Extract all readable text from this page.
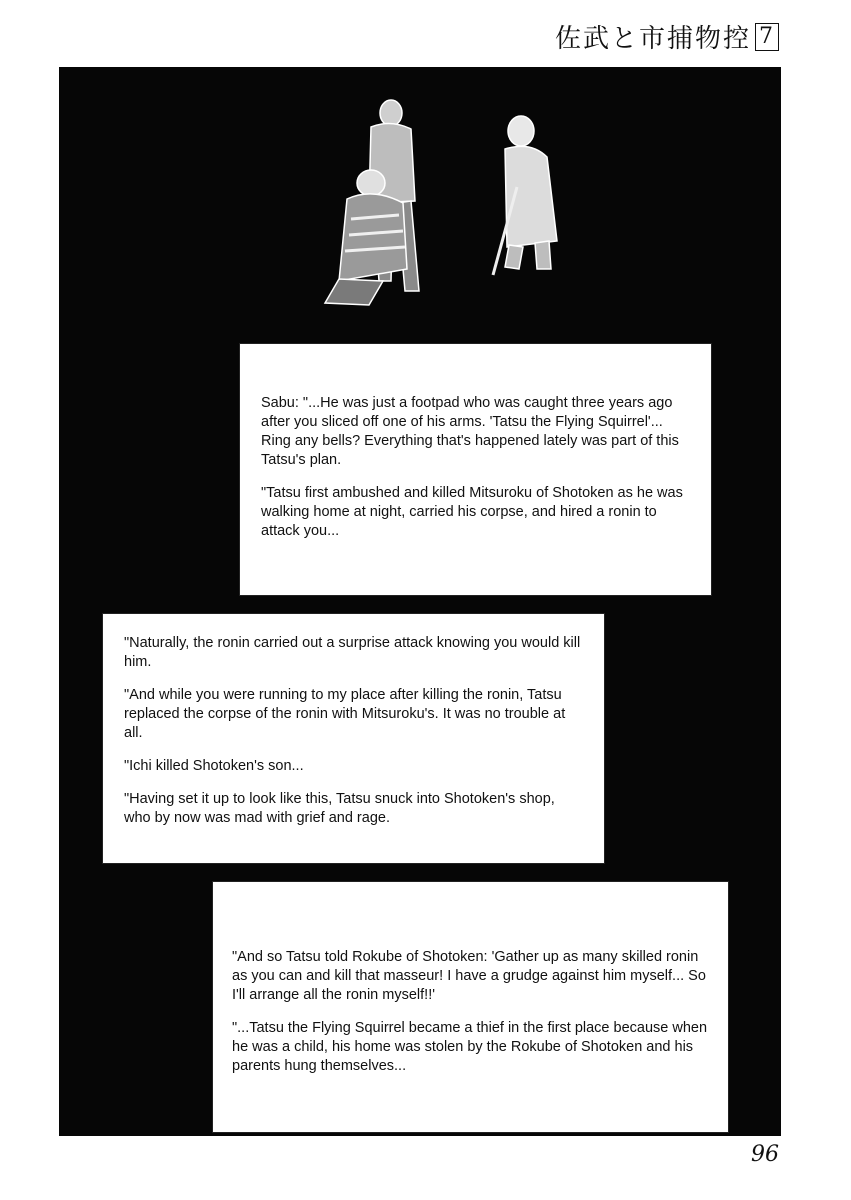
佐武と市捕物控 7

Sabu: "...He was just a footpad who was caught three years ago after you sliced off one of his arms. 'Tatsu the Flying Squirrel'... Ring any bells? Everything that's happened lately was part of this Tatsu's plan.

"Tatsu first ambushed and killed Mitsuroku of Shotoken as he was walking home at night, carried his corpse, and hired a ronin to attack you...

"Naturally, the ronin carried out a surprise attack knowing you would kill him.

"And while you were running to my place after killing the ronin, Tatsu replaced the corpse of the ronin with Mitsuroku's. It was no trouble at all.

"Ichi killed Shotoken's son...

"Having set it up to look like this, Tatsu snuck into Shotoken's shop, who by now was mad with grief and rage.

"And so Tatsu told Rokube of Shotoken: 'Gather up as many skilled ronin as you can and kill that masseur! I have a grudge against him myself... So I'll arrange all the ronin myself!!'

"...Tatsu the Flying Squirrel became a thief in the first place because when he was a child, his home was stolen by the Rokube of Shotoken and his parents hung themselves...

96
